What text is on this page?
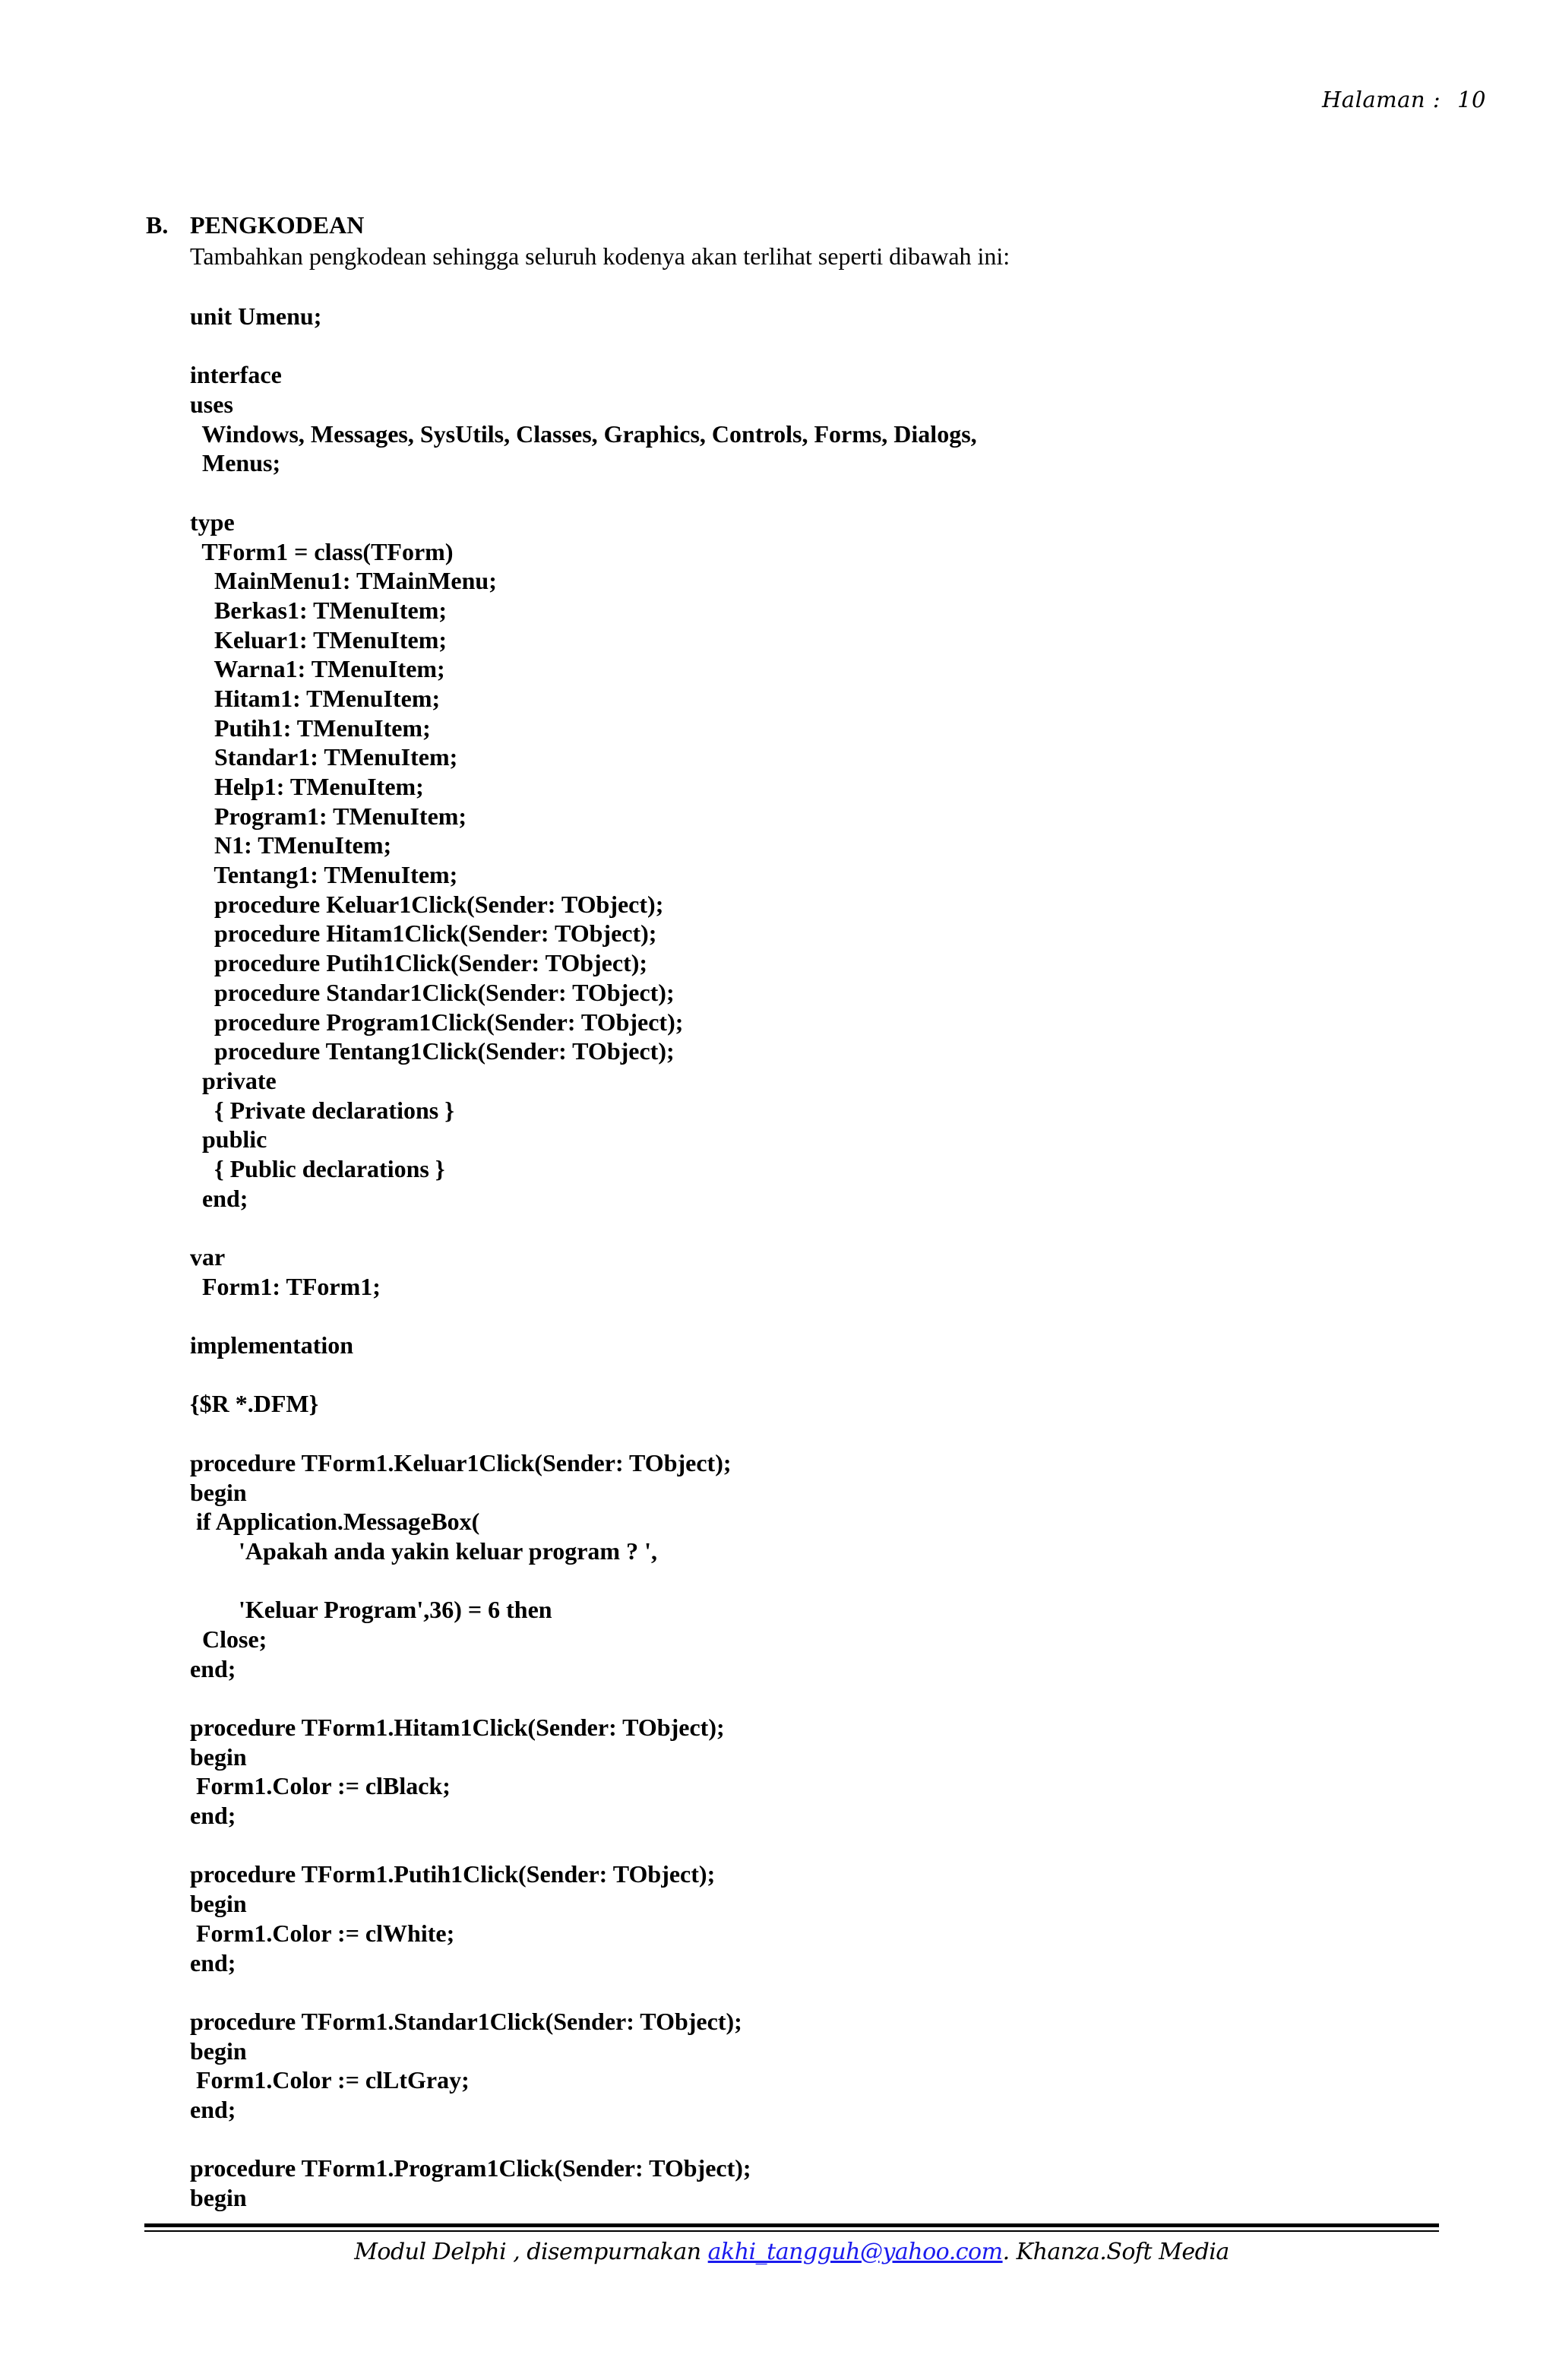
Halaman : 10
B. PENGKODEAN
Tambahkan pengkodean sehingga seluruh kodenya akan terlihat seperti dibawah ini:
unit Umenu;
interface
uses
Windows, Messages, SysUtils, Classes, Graphics, Controls, Forms, Dialogs,
Menus;
type
TForm1 = class(TForm)
MainMenu1: TMainMenu;
Berkas1: TMenuItem;
Keluar1: TMenuItem;
Warna1: TMenuItem;
Hitam1: TMenuItem;
Putih1: TMenuItem;
Standar1: TMenuItem;
Help1: TMenuItem;
Program1: TMenuItem;
N1: TMenuItem;
Tentang1: TMenuItem;
procedure Keluar1Click(Sender: TObject);
procedure Hitam1Click(Sender: TObject);
procedure Putih1Click(Sender: TObject);
procedure Standar1Click(Sender: TObject);
procedure Program1Click(Sender: TObject);
procedure Tentang1Click(Sender: TObject);
private
{ Private declarations }
public
{ Public declarations }
end;
var
Form1: TForm1;
implementation
{$R *.DFM}
procedure TForm1.Keluar1Click(Sender: TObject);
begin
if Application.MessageBox(
'Apakah anda yakin keluar program ? ',
'Keluar Program',36) = 6 then
Close;
end;
procedure TForm1.Hitam1Click(Sender: TObject);
begin
Form1.Color := clBlack;
end;
procedure TForm1.Putih1Click(Sender: TObject);
begin
Form1.Color := clWhite;
end;
procedure TForm1.Standar1Click(Sender: TObject);
begin
Form1.Color := clLtGray;
end;
procedure TForm1.Program1Click(Sender: TObject);
begin
Modul Delphi , disempurnakan akhi_tangguh@yahoo.com. Khanza.Soft Media
